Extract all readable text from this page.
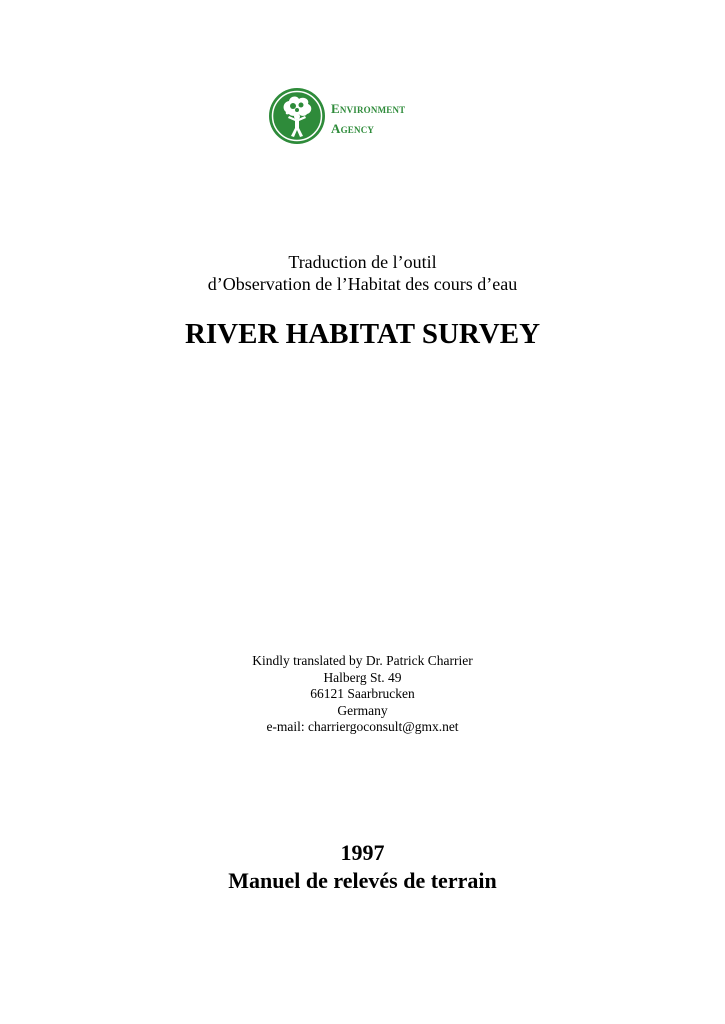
environment
agency
Traduction de l’outil
d’Observation de l’Habitat des cours d’eau
RIVER HABITAT SURVEY
Kindly translated by Dr. Patrick Charrier
Halberg St. 49
66121 Saarbrucken
Germany
e-mail: charriergoconsult@gmx.net
1997
Manuel de relevés de terrain
